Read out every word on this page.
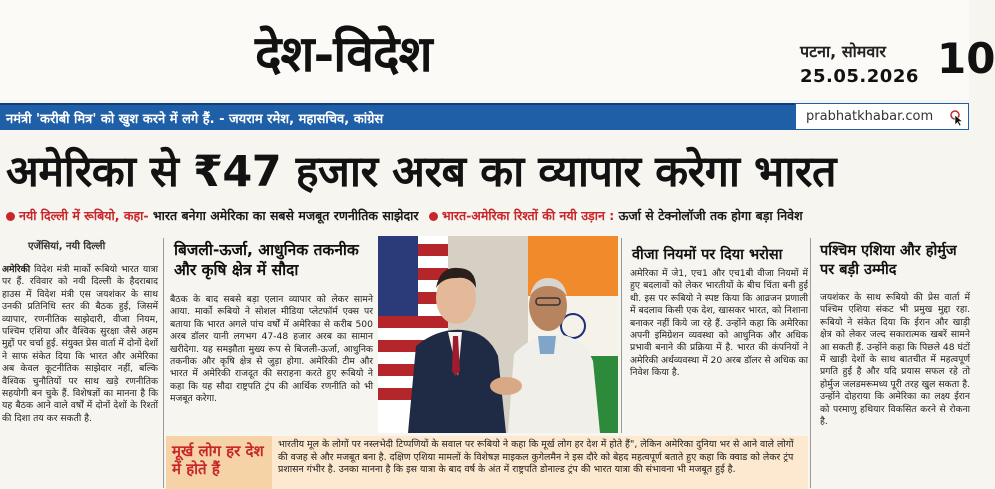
देश-विदेश	पटना, सोमवार
25.05.2026 10
नमंत्री 'करीबी मित्र' को खुश करने में लगे हैं. - जयराम रमेश, महासचिव, कांग्रेस	prabhatkhabar.com
अमेरिका से ₹47 हजार अरब का व्यापार करेगा भारत
नयी दिल्ली में रूबियो, कहा- भारत बनेगा अमेरिका का सबसे मजबूत रणनीतिक साझेदार भारत-अमेरिका रिश्तों की नयी उड़ान : ऊर्जा से टेक्नोलॉजी तक होगा बड़ा निवेश
एजेंसियां, नयी दिल्ली
अमेरिकी विदेश मंत्री मार्को रूबियो भारत यात्रा पर हैं. रविवार को नयी दिल्ली के हैदराबाद हाउस में विदेश मंत्री एस जयशंकर के साथ उनकी प्रतिनिधि स्तर की बैठक हुई, जिसमें व्यापार, रणनीतिक साझेदारी, वीजा नियम, पश्चिम एशिया और वैश्विक सुरक्षा जैसे अहम मुद्दों पर चर्चा हुई. संयुक्त प्रेस वार्ता में दोनों देशों ने साफ संकेत दिया कि भारत और अमेरिका अब केवल कूटनीतिक साझेदार नहीं, बल्कि वैश्विक चुनौतियों पर साथ खड़े रणनीतिक सहयोगी बन चुके हैं. विशेषज्ञों का मानना है कि यह बैठक आने वाले वर्षों में दोनों देशों के रिश्तों की दिशा तय कर सकती है.
बिजली-ऊर्जा, आधुनिक तकनीक और कृषि क्षेत्र में सौदा
बैठक के बाद सबसे बड़ा एलान व्यापार को लेकर सामने आया. मार्को रूबियो ने सोशल मीडिया प्लेटफॉर्म एक्स पर बताया कि भारत अगले पांच वर्षों में अमेरिका से करीब 500 अरब डॉलर यानी लगभग 47-48 हजार अरब का सामान खरीदेगा. यह समझौता मुख्य रूप से बिजली-ऊर्जा, आधुनिक तकनीक और कृषि क्षेत्र से जुड़ा होगा. अमेरिकी टीम और भारत में अमेरिकी राजदूत की सराहना करते हुए रूबियो ने कहा कि यह सौदा राष्ट्रपति ट्रंप की आर्थिक रणनीति को भी मजबूत करेगा.
वीजा नियमों पर दिया भरोसा
अमेरिका में जे1, एच1 और एच1बी वीजा नियमों में हुए बदलावों को लेकर भारतीयों के बीच चिंता बनी हुई थी. इस पर रूबियो ने स्पष्ट किया कि आव्रजन प्रणाली में बदलाव किसी एक देश, खासकर भारत, को निशाना बनाकर नहीं किये जा रहे हैं. उन्होंने कहा कि अमेरिका अपनी इमिग्रेशन व्यवस्था को आधुनिक और अधिक प्रभावी बनाने की प्रक्रिया में है. भारत की कंपनियों ने अमेरिकी अर्थव्यवस्था में 20 अरब डॉलर से अधिक का निवेश किया है.
पश्चिम एशिया और होर्मुज पर बड़ी उम्मीद
जयशंकर के साथ रूबियो की प्रेस वार्ता में पश्चिम एशिया संकट भी प्रमुख मुद्दा रहा. रूबियो ने संकेत दिया कि ईरान और खाड़ी क्षेत्र को लेकर जल्द सकारात्मक खबरें सामने आ सकती हैं. उन्होंने कहा कि पिछले 48 घंटों में खाड़ी देशों के साथ बातचीत में महत्वपूर्ण प्रगति हुई है और यदि प्रयास सफल रहे तो होर्मुज जलडमरूमध्य पूरी तरह खुल सकता है. उन्होंने दोहराया कि अमेरिका का लक्ष्य ईरान को परमाणु हथियार विकसित करने से रोकना है.
मूर्ख लोग हर देश में होते हैं
भारतीय मूल के लोगों पर नस्लभेदी टिप्पणियों के सवाल पर रूबियो ने कहा कि मूर्ख लोग हर देश में होते हैं", लेकिन अमेरिका दुनिया भर से आने वाले लोगों की वजह से और मजबूत बना है. दक्षिण एशिया मामलों के विशेषज्ञ माइकल कुगेलमैन ने इस दौरे को बेहद महत्वपूर्ण बताते हुए कहा कि क्वाड को लेकर ट्रंप प्रशासन गंभीर है. उनका मानना है कि इस यात्रा के बाद वर्ष के अंत में राष्ट्रपति डोनाल्ड ट्रंप की भारत यात्रा की संभावना भी मजबूत हुई है.
